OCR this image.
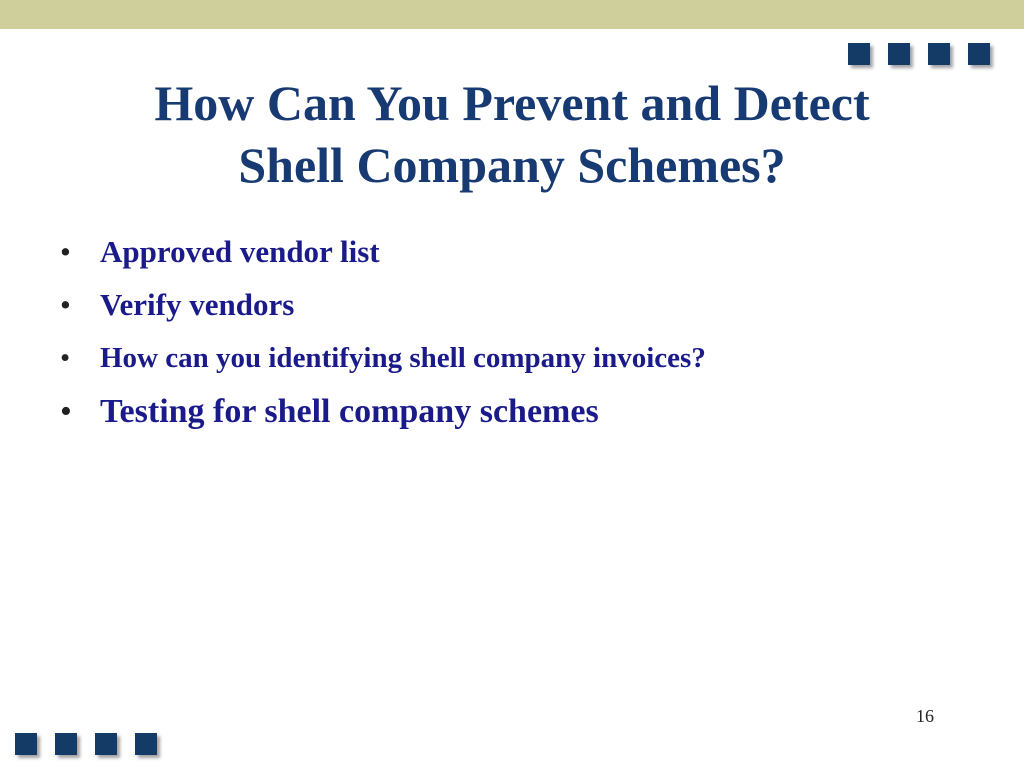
How Can You Prevent and Detect
Shell Company Schemes?
• Approved vendor list
• Verify vendors
• How can you identifying shell company invoices?
• Testing for shell company schemes
16
